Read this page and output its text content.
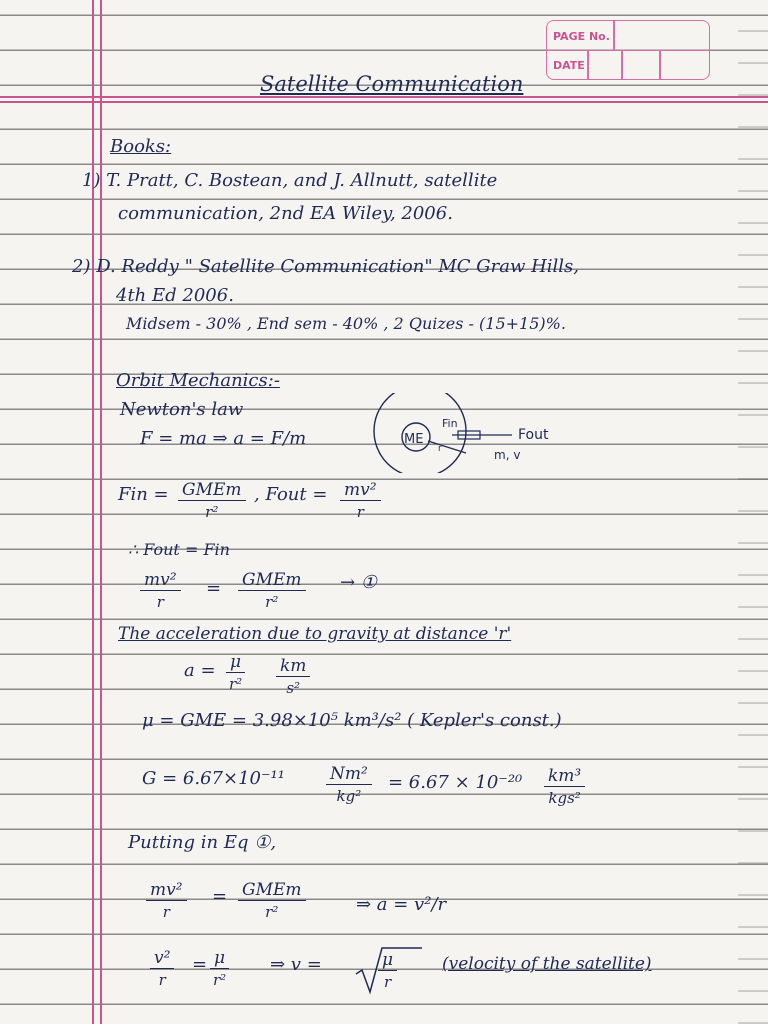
PAGE No.
DATE
Satellite Communication
Books:
1) T. Pratt, C. Bostean, and J. Allnutt, satellite
communication, 2nd EA Wiley, 2006.
2) D. Reddy " Satellite Communication" MC Graw Hills,
4th Ed 2006.
Midsem - 30% , End sem - 40% , 2 Quizes - (15+15)%.
Orbit Mechanics:-
Newton's law
F = ma ⇒ a = F/m	ME
Fin
Fout
m, v
r
Fin = GMEm
r²
, Fout = $\frac{\text{mv²}}{r}$
∴ Fout = Fin
$\frac{\text{mv²}}{r}$ = GMEm
r²
→ ①
The acceleration due to gravity at distance 'r'
$a = \frac{\mu}{\text{r²}} \frac{km}{\text{s²}}$
μ = GME = 3.98×10⁵ km³/s² ( Kepler's const.)
$G = 6.67\times 10^{-11} \frac{\text{Nm²}}{\text{kg²}} = 6.67 \times 10^{-20}$ km³
kgs²
Putting in Eq ①,
$\frac{\text{mv²}}{r}$ = GMEm
r²	⇒ a = v²/r
$\frac{\text{v²}}{r} = \frac{\mu}{\text{r²}}$ ⇒ v =	$\frac{\mu}{r}$	(velocity of the satellite)
